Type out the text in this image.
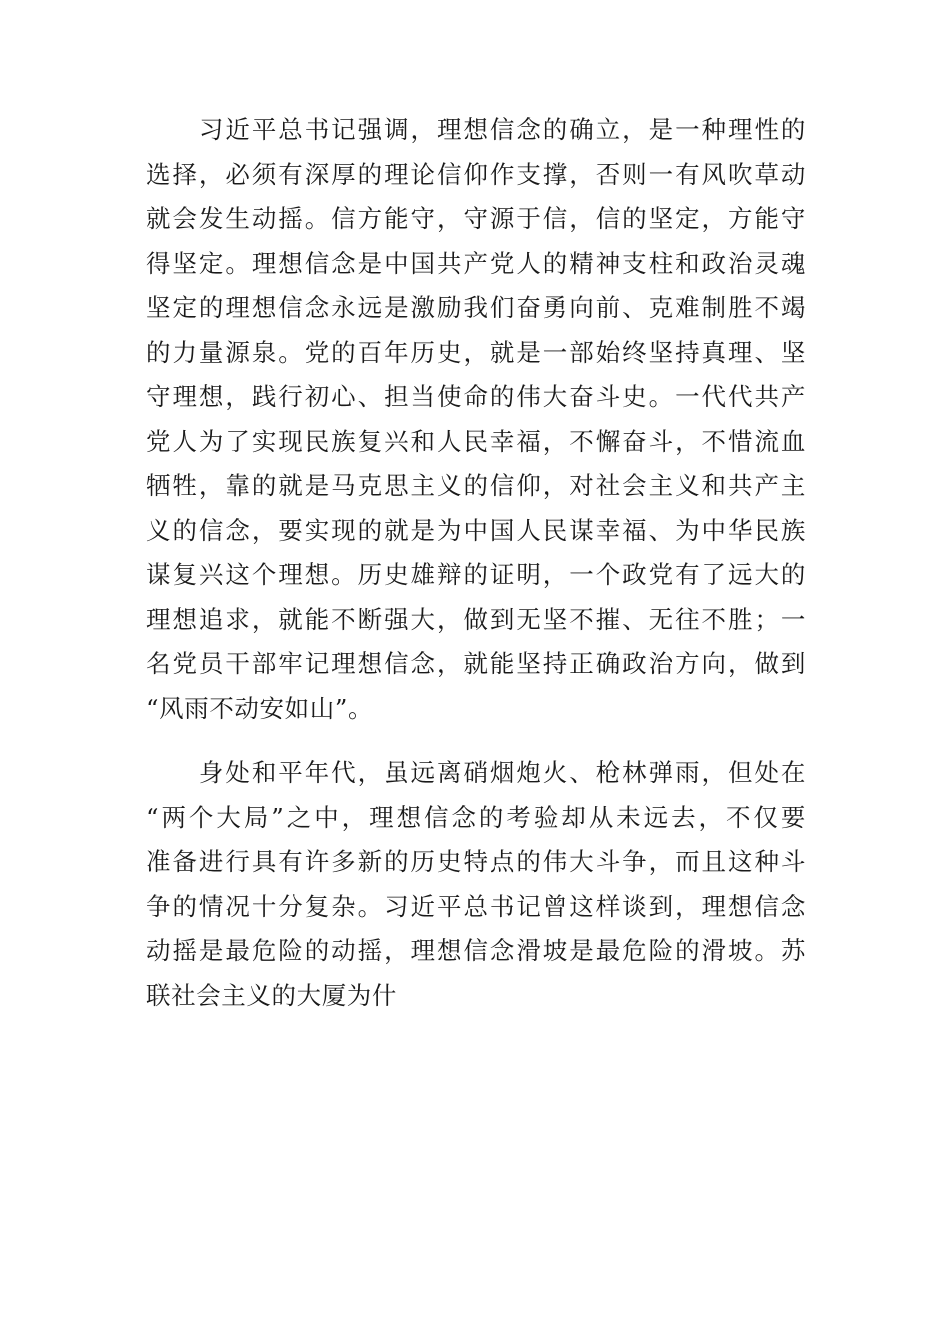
　　习近平总书记强调，理想信念的确立，是一种理性的
选择，必须有深厚的理论信仰作支撑，否则一有风吹草动
就会发生动摇。信方能守，守源于信，信的坚定，方能守
得坚定。理想信念是中国共产党人的精神支柱和政治灵魂
坚定的理想信念永远是激励我们奋勇向前、克难制胜不竭
的力量源泉。党的百年历史，就是一部始终坚持真理、坚
守理想，践行初心、担当使命的伟大奋斗史。一代代共产
党人为了实现民族复兴和人民幸福，不懈奋斗，不惜流血
牺牲，靠的就是马克思主义的信仰，对社会主义和共产主
义的信念，要实现的就是为中国人民谋幸福、为中华民族
谋复兴这个理想。历史雄辩的证明，一个政党有了远大的
理想追求，就能不断强大，做到无坚不摧、无往不胜；一
名党员干部牢记理想信念，就能坚持正确政治方向，做到
“风雨不动安如山”。

　　身处和平年代，虽远离硝烟炮火、枪林弹雨，但处在
“两个大局”之中，理想信念的考验却从未远去，不仅要
准备进行具有许多新的历史特点的伟大斗争，而且这种斗
争的情况十分复杂。习近平总书记曾这样谈到，理想信念
动摇是最危险的动摇，理想信念滑坡是最危险的滑坡。苏
联社会主义的大厦为什
